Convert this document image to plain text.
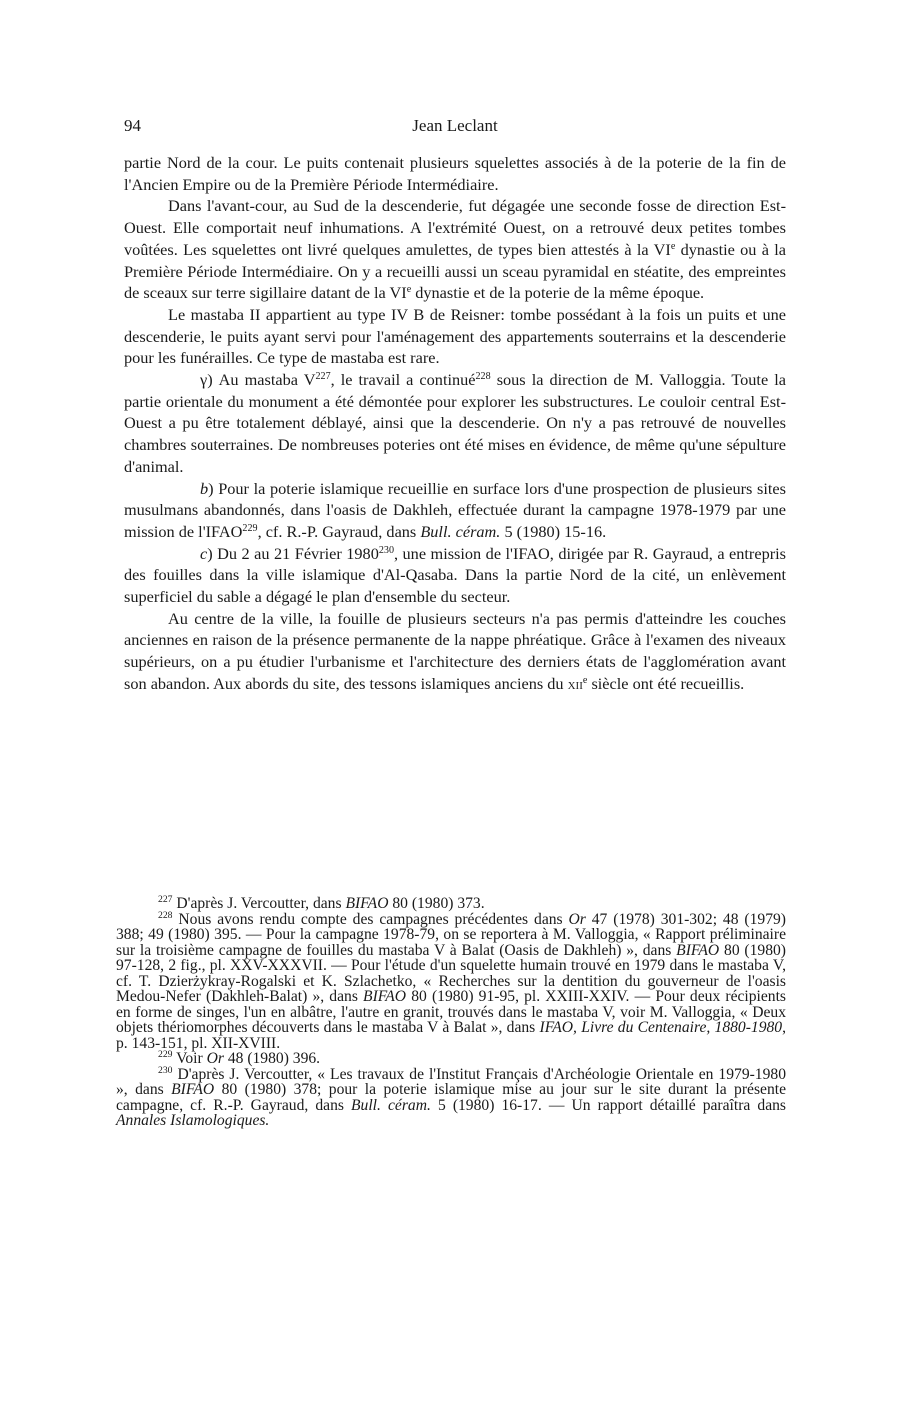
94	Jean Leclant

partie Nord de la cour. Le puits contenait plusieurs squelettes associés à de la poterie de la fin de l'Ancien Empire ou de la Première Période Intermédiaire.

Dans l'avant-cour, au Sud de la descenderie, fut dégagée une seconde fosse de direction Est-Ouest. Elle comportait neuf inhumations. A l'extrémité Ouest, on a retrouvé deux petites tombes voûtées. Les squelettes ont livré quelques amulettes, de types bien attestés à la VIe dynastie ou à la Première Période Intermédiaire. On y a recueilli aussi un sceau pyramidal en stéatite, des empreintes de sceaux sur terre sigillaire datant de la VIe dynastie et de la poterie de la même époque.

Le mastaba II appartient au type IV B de Reisner: tombe possédant à la fois un puits et une descenderie, le puits ayant servi pour l'aménagement des appartements souterrains et la descenderie pour les funérailles. Ce type de mastaba est rare.

γ) Au mastaba $V^{227}$, le travail a continué$^{228}$ sous la direction de M. Valloggia. Toute la partie orientale du monument a été démontée pour explorer les substructures. Le couloir central Est-Ouest a pu être totalement déblayé, ainsi que la descenderie. On n'y a pas retrouvé de nouvelles chambres souterraines. De nombreuses poteries ont été mises en évidence, de même qu'une sépulture d'animal.

b) Pour la poterie islamique recueillie en surface lors d'une prospection de plusieurs sites musulmans abandonnés, dans l'oasis de Dakhleh, effectuée durant la campagne 1978-1979 par une mission de l'IFAO$^{229}$, cf. R.-P. Gayraud, dans Bull. céram. 5 (1980) 15-16.

c) Du 2 au 21 Février 1980$^{230}$, une mission de l'IFAO, dirigée par R. Gayraud, a entrepris des fouilles dans la ville islamique d'Al-Qasaba. Dans la partie Nord de la cité, un enlèvement superficiel du sable a dégagé le plan d'ensemble du secteur.

Au centre de la ville, la fouille de plusieurs secteurs n'a pas permis d'atteindre les couches anciennes en raison de la présence permanente de la nappe phréatique. Grâce à l'examen des niveaux supérieurs, on a pu étudier l'urbanisme et l'architecture des derniers états de l'agglomération avant son abandon. Aux abords du site, des tessons islamiques anciens du xii$^e$ siècle ont été recueillis.

$^{227}$ D'après J. Vercoutter, dans BIFAO 80 (1980) 373.

$^{228}$ Nous avons rendu compte des campagnes précédentes dans Or 47 (1978) 301-302; 48 (1979) 388; 49 (1980) 395. — Pour la campagne 1978-79, on se reportera à M. Valloggia, « Rapport préliminaire sur la troisième campagne de fouilles du mastaba V à Balat (Oasis de Dakhleh) », dans BIFAO 80 (1980) 97-128, 2 fig., pl. XXV-XXXVII. — Pour l'étude d'un squelette humain trouvé en 1979 dans le mastaba V, cf. T. Dzierżykray-Rogalski et K. Szlachetko, « Recherches sur la dentition du gouverneur de l'oasis Medou-Nefer (Dakhleh-Balat) », dans BIFAO 80 (1980) 91-95, pl. XXIII-XXIV. — Pour deux récipients en forme de singes, l'un en albâtre, l'autre en granit, trouvés dans le mastaba V, voir M. Valloggia, « Deux objets thériomorphes découverts dans le mastaba V à Balat », dans IFAO, Livre du Centenaire, 1880-1980, p. 143-151, pl. XII-XVIII.

$^{229}$ Voir Or 48 (1980) 396.

$^{230}$ D'après J. Vercoutter, « Les travaux de l'Institut Français d'Archéologie Orientale en 1979-1980 », dans BIFAO 80 (1980) 378; pour la poterie islamique mise au jour sur le site durant la présente campagne, cf. R.-P. Gayraud, dans Bull. céram. 5 (1980) 16-17. — Un rapport détaillé paraîtra dans Annales Islamologiques.
